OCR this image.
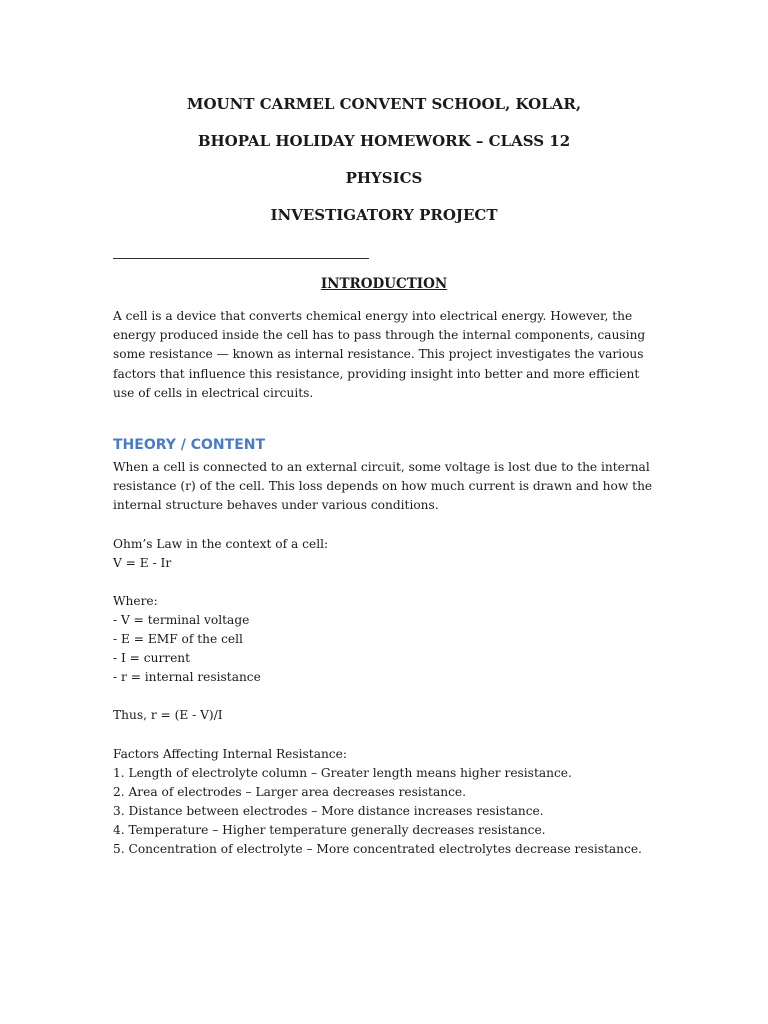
MOUNT CARMEL CONVENT SCHOOL, KOLAR,
BHOPAL HOLIDAY HOMEWORK – CLASS 12
PHYSICS
INVESTIGATORY PROJECT
INTRODUCTION

A cell is a device that converts chemical energy into electrical energy. However, the energy produced inside the cell has to pass through the internal components, causing some resistance — known as internal resistance. This project investigates the various factors that influence this resistance, providing insight into better and more efficient use of cells in electrical circuits.

THEORY / CONTENT

When a cell is connected to an external circuit, some voltage is lost due to the internal resistance (r) of the cell. This loss depends on how much current is drawn and how the internal structure behaves under various conditions.

Ohm’s Law in the context of a cell:

V = E - Ir

Where:

- V = terminal voltage

- E = EMF of the cell

- I = current

- r = internal resistance

Thus, r = (E - V)/I

Factors Affecting Internal Resistance:

1. Length of electrolyte column – Greater length means higher resistance.

2. Area of electrodes – Larger area decreases resistance.

3. Distance between electrodes – More distance increases resistance.

4. Temperature – Higher temperature generally decreases resistance.

5. Concentration of electrolyte – More concentrated electrolytes decrease resistance.
